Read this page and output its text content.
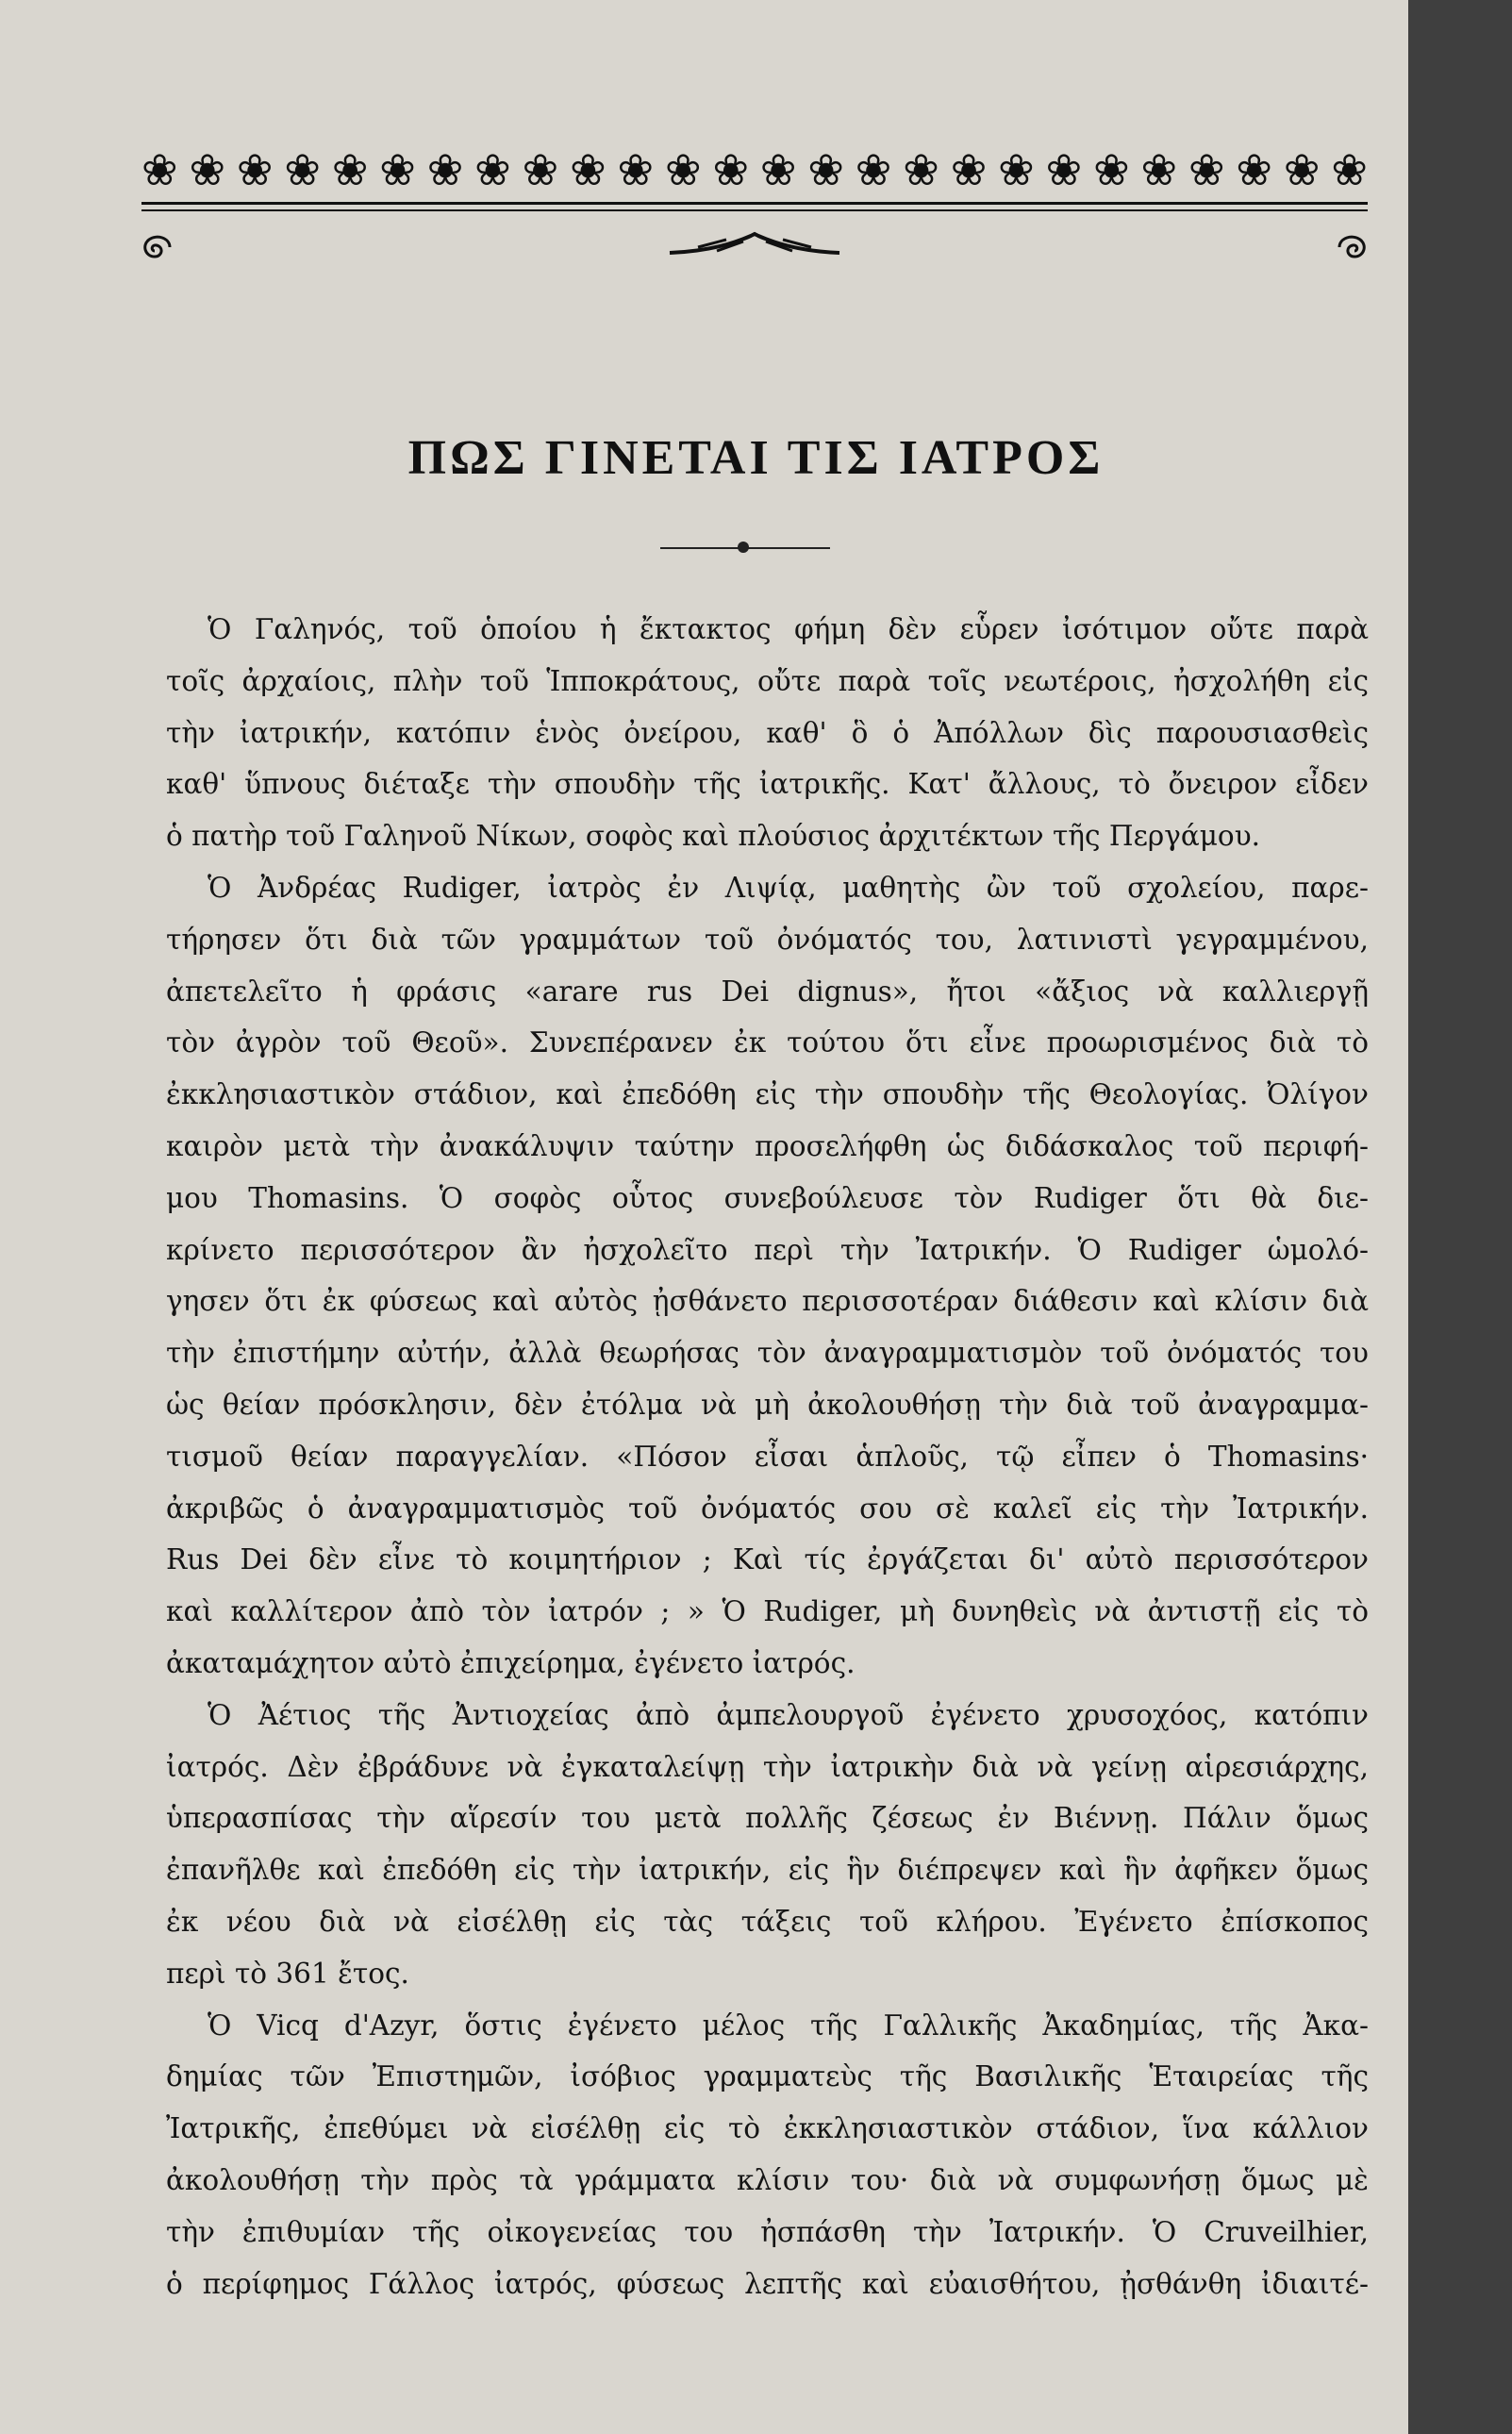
❀ ❀ ❀ ❀ ❀ ❀ ❀ ❀ ❀ ❀ ❀ ❀ ❀ ❀ ❀ ❀ ❀ ❀ ❀ ❀ ❀ ❀ ❀ ❀ ❀ ❀
ΠΩΣ ΓΙΝΕΤΑΙ ΤΙΣ ΙΑΤΡΟΣ
Ὁ Γαληνός, τοῦ ὁποίου ἡ ἔκτακτος φήμη δὲν εὗρεν ἰσότιμον οὔτε παρὰ
τοῖς ἀρχαίοις, πλὴν τοῦ Ἱπποκράτους, οὔτε παρὰ τοῖς νεωτέροις, ἠσχολήθη εἰς
τὴν ἰατρικήν, κατόπιν ἑνὸς ὀνείρου, καθ' ὃ ὁ Ἀπόλλων δὶς παρουσιασθεὶς
καθ' ὕπνους διέταξε τὴν σπουδὴν τῆς ἰατρικῆς. Κατ' ἄλλους, τὸ ὄνειρον εἶδεν
ὁ πατὴρ τοῦ Γαληνοῦ Νίκων, σοφὸς καὶ πλούσιος ἀρχιτέκτων τῆς Περγάμου.
Ὁ Ἀνδρέας Rudiger, ἰατρὸς ἐν Λιψίᾳ, μαθητὴς ὢν τοῦ σχολείου, παρε-
τήρησεν ὅτι διὰ τῶν γραμμάτων τοῦ ὀνόματός του, λατινιστὶ γεγραμμένου,
ἀπετελεῖτο ἡ φράσις «arare rus Dei dignus», ἤτοι «ἄξιος νὰ καλλιεργῇ
τὸν ἀγρὸν τοῦ Θεοῦ». Συνεπέρανεν ἐκ τούτου ὅτι εἶνε προωρισμένος διὰ τὸ
ἐκκλησιαστικὸν στάδιον, καὶ ἐπεδόθη εἰς τὴν σπουδὴν τῆς Θεολογίας. Ὀλίγον
καιρὸν μετὰ τὴν ἀνακάλυψιν ταύτην προσελήφθη ὡς διδάσκαλος τοῦ περιφή-
μου Thomasins. Ὁ σοφὸς οὗτος συνεβούλευσε τὸν Rudiger ὅτι θὰ διε-
κρίνετο περισσότερον ἂν ἠσχολεῖτο περὶ τὴν Ἰατρικήν. Ὁ Rudiger ὡμολό-
γησεν ὅτι ἐκ φύσεως καὶ αὐτὸς ᾐσθάνετο περισσοτέραν διάθεσιν καὶ κλίσιν διὰ
τὴν ἐπιστήμην αὐτήν, ἀλλὰ θεωρήσας τὸν ἀναγραμματισμὸν τοῦ ὀνόματός του
ὡς θείαν πρόσκλησιν, δὲν ἐτόλμα νὰ μὴ ἀκολουθήσῃ τὴν διὰ τοῦ ἀναγραμμα-
τισμοῦ θείαν παραγγελίαν. «Πόσον εἶσαι ἁπλοῦς, τῷ εἶπεν ὁ Thomasins·
ἀκριβῶς ὁ ἀναγραμματισμὸς τοῦ ὀνόματός σου σὲ καλεῖ εἰς τὴν Ἰατρικήν.
Rus Dei δὲν εἶνε τὸ κοιμητήριον ; Καὶ τίς ἐργάζεται δι' αὐτὸ περισσότερον
καὶ καλλίτερον ἀπὸ τὸν ἰατρόν ; » Ὁ Rudiger, μὴ δυνηθεὶς νὰ ἀντιστῇ εἰς τὸ
ἀκαταμάχητον αὐτὸ ἐπιχείρημα, ἐγένετο ἰατρός.
Ὁ Ἀέτιος τῆς Ἀντιοχείας ἀπὸ ἀμπελουργοῦ ἐγένετο χρυσοχόος, κατόπιν
ἰατρός. Δὲν ἐβράδυνε νὰ ἐγκαταλείψῃ τὴν ἰατρικὴν διὰ νὰ γείνῃ αἱρεσιάρχης,
ὑπερασπίσας τὴν αἵρεσίν του μετὰ πολλῆς ζέσεως ἐν Βιέννῃ. Πάλιν ὅμως
ἐπανῆλθε καὶ ἐπεδόθη εἰς τὴν ἰατρικήν, εἰς ἣν διέπρεψεν καὶ ἣν ἀφῆκεν ὅμως
ἐκ νέου διὰ νὰ εἰσέλθῃ εἰς τὰς τάξεις τοῦ κλήρου. Ἐγένετο ἐπίσκοπος
περὶ τὸ 361 ἔτος.
Ὁ Vicq d'Azyr, ὅστις ἐγένετο μέλος τῆς Γαλλικῆς Ἀκαδημίας, τῆς Ἀκα-
δημίας τῶν Ἐπιστημῶν, ἰσόβιος γραμματεὺς τῆς Βασιλικῆς Ἑταιρείας τῆς
Ἰατρικῆς, ἐπεθύμει νὰ εἰσέλθῃ εἰς τὸ ἐκκλησιαστικὸν στάδιον, ἵνα κάλλιον
ἀκολουθήσῃ τὴν πρὸς τὰ γράμματα κλίσιν του· διὰ νὰ συμφωνήσῃ ὅμως μὲ
τὴν ἐπιθυμίαν τῆς οἰκογενείας του ἠσπάσθη τὴν Ἰατρικήν. Ὁ Cruveilhier,
ὁ περίφημος Γάλλος ἰατρός, φύσεως λεπτῆς καὶ εὐαισθήτου, ᾐσθάνθη ἰδιαιτέ-
